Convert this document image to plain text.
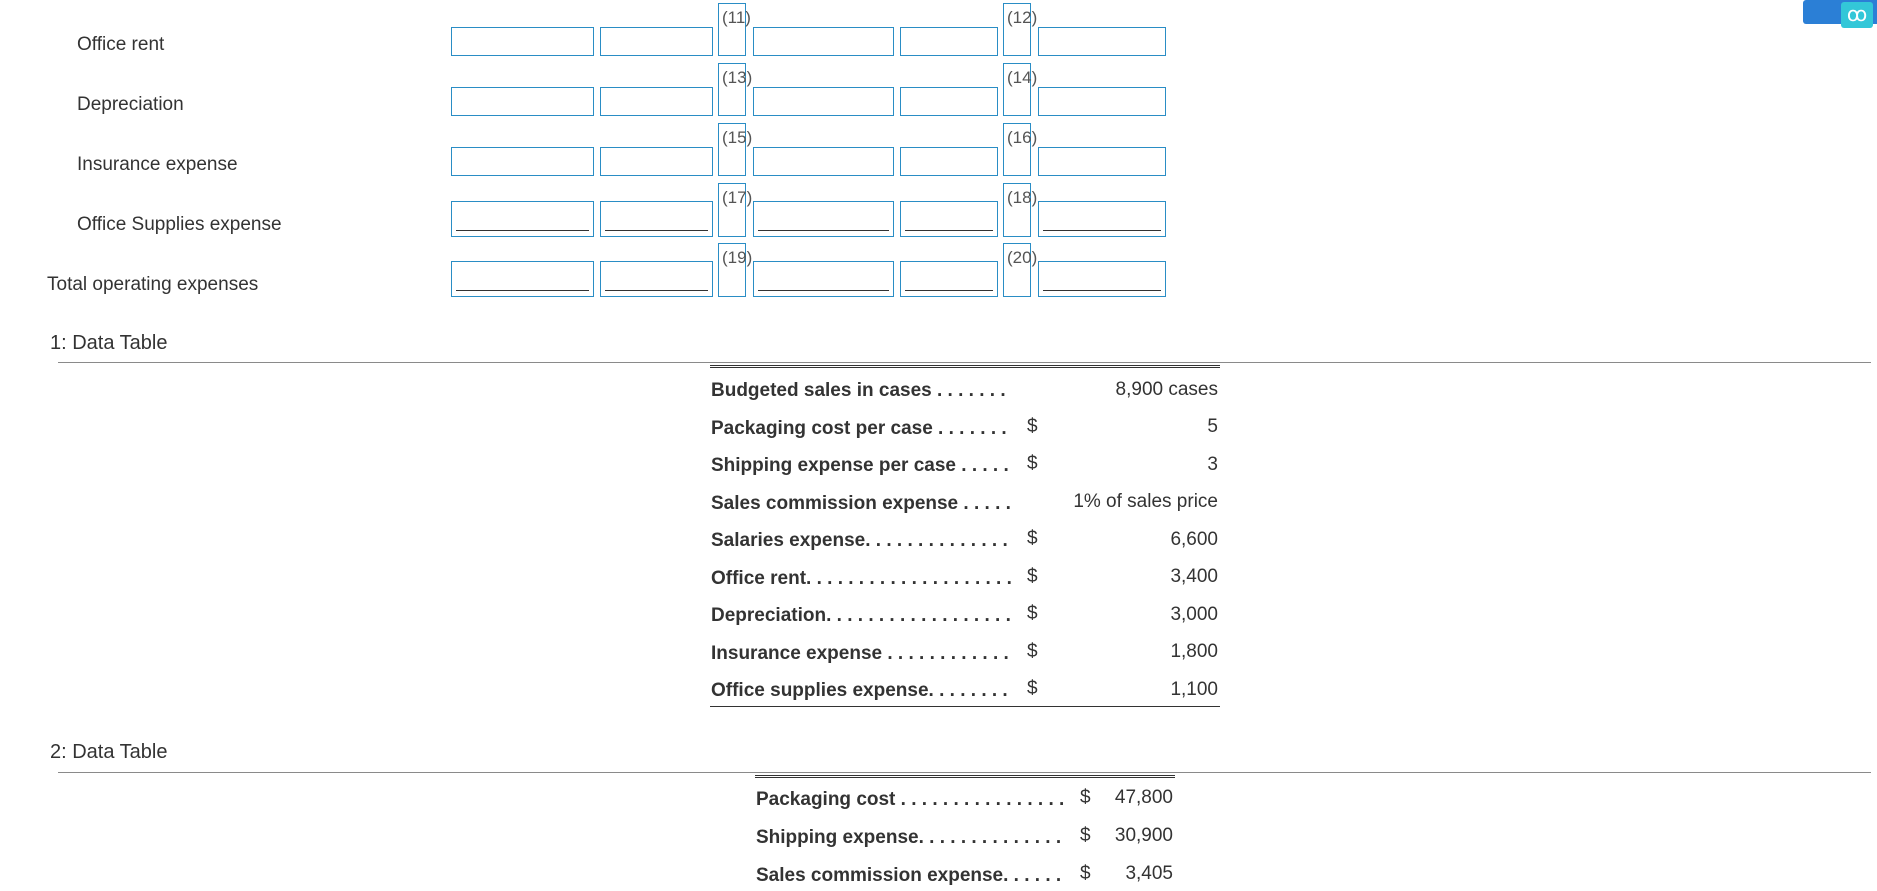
ꝏ
Office rent
(11)	(12)
Depreciation
(13)	(14)
Insurance expense
(15)	(16)
Office Supplies expense
(17)	(18)
Total operating expenses
(19)	(20)
1: Data Table
Budgeted sales in cases . . . . . . .	8,900 cases
Packaging cost per case . . . . . . . $	5
Shipping expense per case . . . . . $	3
Sales commission expense . . . . .	1% of sales price
Salaries expense. . . . . . . . . . . . . . $	6,600
Office rent. . . . . . . . . . . . . . . . . . . . $	3,400
Depreciation. . . . . . . . . . . . . . . . . . $	3,000
Insurance expense . . . . . . . . . . . . $	1,800
Office supplies expense. . . . . . . . $	1,100
2: Data Table
Packaging cost . . . . . . . . . . . . . . . . $ 47,800
Shipping expense. . . . . . . . . . . . . . $ 30,900
Sales commission expense. . . . . . $ 3,405
